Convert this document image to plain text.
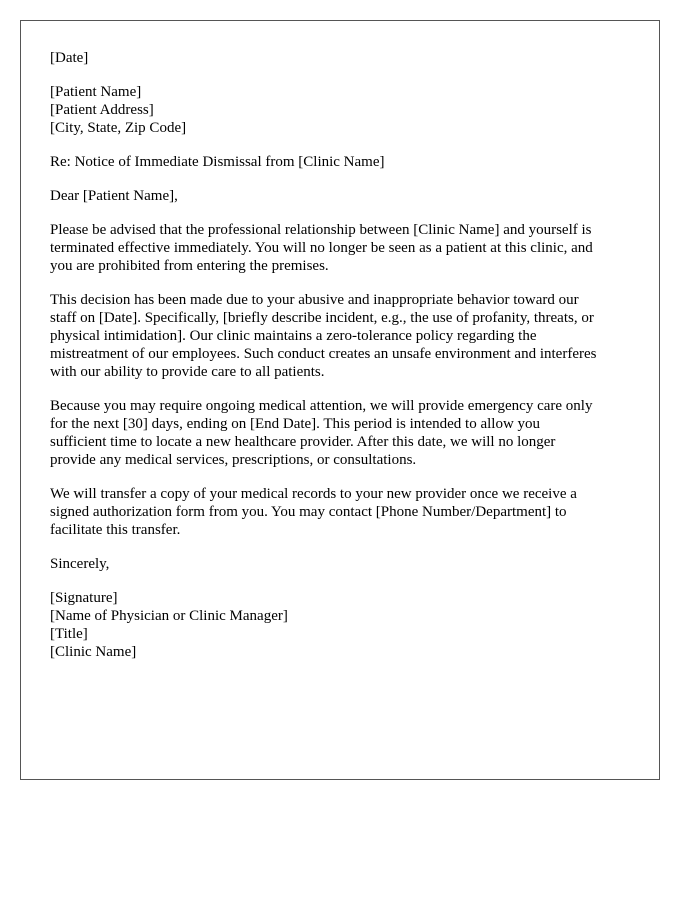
[Date]
[Patient Name]
[Patient Address]
[City, State, Zip Code]
Re: Notice of Immediate Dismissal from [Clinic Name]
Dear [Patient Name],
Please be advised that the professional relationship between [Clinic Name] and yourself is
terminated effective immediately. You will no longer be seen as a patient at this clinic, and
you are prohibited from entering the premises.
This decision has been made due to your abusive and inappropriate behavior toward our
staff on [Date]. Specifically, [briefly describe incident, e.g., the use of profanity, threats, or
physical intimidation]. Our clinic maintains a zero-tolerance policy regarding the
mistreatment of our employees. Such conduct creates an unsafe environment and interferes
with our ability to provide care to all patients.
Because you may require ongoing medical attention, we will provide emergency care only
for the next [30] days, ending on [End Date]. This period is intended to allow you
sufficient time to locate a new healthcare provider. After this date, we will no longer
provide any medical services, prescriptions, or consultations.
We will transfer a copy of your medical records to your new provider once we receive a
signed authorization form from you. You may contact [Phone Number/Department] to
facilitate this transfer.
Sincerely,
[Signature]
[Name of Physician or Clinic Manager]
[Title]
[Clinic Name]
